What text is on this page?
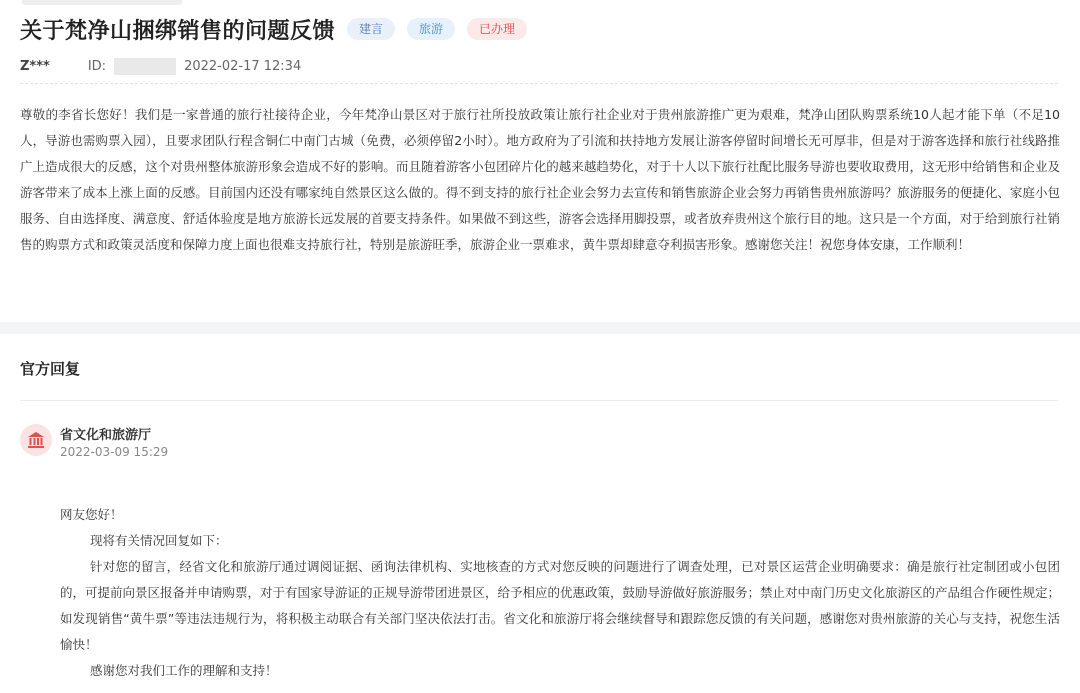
关于梵净山捆绑销售的问题反馈	建言	旅游	已办理
Z***	ID:	2022-02-17 12:34
尊敬的李省长您好！我们是一家普通的旅行社接待企业，今年梵净山景区对于旅行社所投放政策让旅行社企业对于贵州旅游推广更为艰难，梵净山团队购票系统10人起才能下单（不足10人，导游也需购票入园），且要求团队行程含铜仁中南门古城（免费，必须停留2小时）。地方政府为了引流和扶持地方发展让游客停留时间增长无可厚非，但是对于游客选择和旅行社线路推广上造成很大的反感，这个对贵州整体旅游形象会造成不好的影响。而且随着游客小包团碎片化的越来越趋势化，对于十人以下旅行社配比服务导游也要收取费用，这无形中给销售和企业及游客带来了成本上涨上面的反感。目前国内还没有哪家纯自然景区这么做的。得不到支持的旅行社企业会努力去宣传和销售旅游企业会努力再销售贵州旅游吗？旅游服务的便捷化、家庭小包服务、自由选择度、满意度、舒适体验度是地方旅游长远发展的首要支持条件。如果做不到这些，游客会选择用脚投票，或者放弃贵州这个旅行目的地。这只是一个方面，对于给到旅行社销售的购票方式和政策灵活度和保障力度上面也很难支持旅行社，特别是旅游旺季，旅游企业一票难求，黄牛票却肆意夺利损害形象。感谢您关注！祝您身体安康，工作顺利！
官方回复
省文化和旅游厅
2022-03-09 15:29

网友您好！

现将有关情况回复如下：

针对您的留言，经省文化和旅游厅通过调阅证据、函询法律机构、实地核查的方式对您反映的问题进行了调查处理，已对景区运营企业明确要求：确是旅行社定制团或小包团的，可提前向景区报备并申请购票，对于有国家导游证的正规导游带团进景区，给予相应的优惠政策，鼓励导游做好旅游服务；禁止对中南门历史文化旅游区的产品组合作硬性规定；如发现销售“黄牛票”等违法违规行为，将积极主动联合有关部门坚决依法打击。省文化和旅游厅将会继续督导和跟踪您反馈的有关问题，感谢您对贵州旅游的关心与支持，祝您生活愉快！

感谢您对我们工作的理解和支持！
